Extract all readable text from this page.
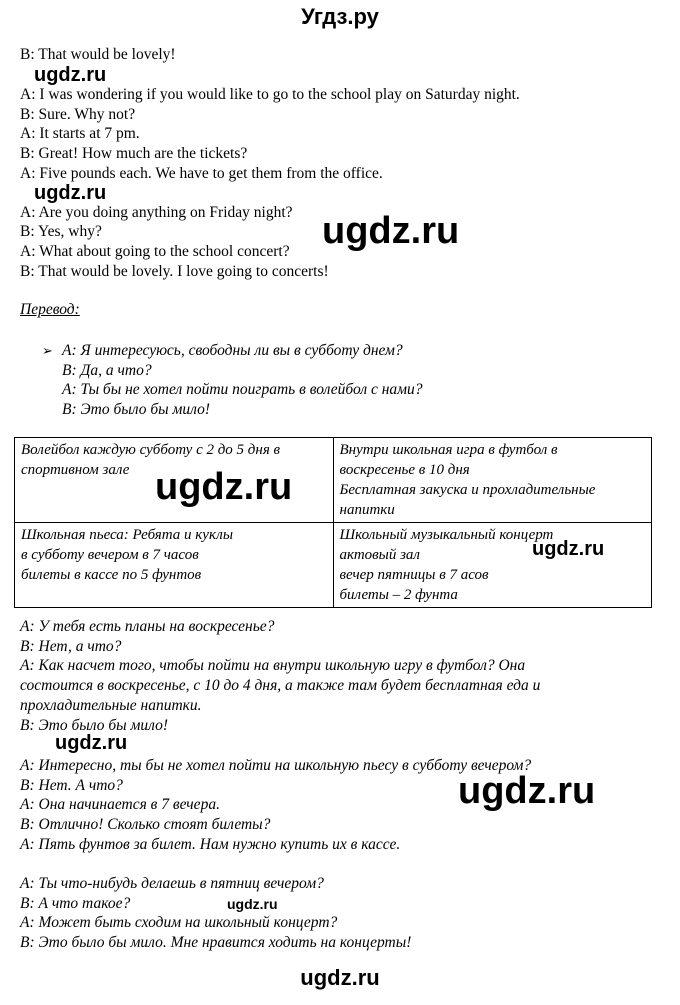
Угдз.ру
B: That would be lovely!
ugdz.ru
A: I was wondering if you would like to go to the school play on Saturday night.
B: Sure. Why not?
A: It starts at 7 pm.
B: Great! How much are the tickets?
A: Five pounds each. We have to get them from the office.
ugdz.ru
A: Are you doing anything on Friday night?
B: Yes, why?
A: What about going to the school concert?
B: That would be lovely. I love going to concerts!
ugdz.ru
Перевод:
➢ A: Я интересуюсь, свободны ли вы в субботу днем?
B: Да, а что?
A: Ты бы не хотел пойти поиграть в волейбол с нами?
B: Это было бы мило!
Волейбол каждую субботу с 2 до 5 дня в
спортивном зале	Внутри школьная игра в футбол в
воскресенье в 10 дня
Бесплатная закуска и прохладительные
напитки

Школьная пьеса: Ребята и куклы
в субботу вечером в 7 часов
билеты в кассе по 5 фунтов	Школьный музыкальный концерт
актовый зал
вечер пятницы в 7 асов
билеты – 2 фунта
ugdz.ru
ugdz.ru
A: У тебя есть планы на воскресенье?
B: Нет, а что?
A: Как насчет того, чтобы пойти на внутри школьную игру в футбол? Она
состоится в воскресенье, с 10 до 4 дня, а также там будет бесплатная еда и
прохладительные напитки.
B: Это было бы мило!
ugdz.ru
A: Интересно, ты бы не хотел пойти на школьную пьесу в субботу вечером?
B: Нет. А что?
A: Она начинается в 7 вечера.
B: Отлично! Сколько стоят билеты?
A: Пять фунтов за билет. Нам нужно купить их в кассе.
ugdz.ru
A: Ты что-нибудь делаешь в пятниц вечером?
B: А что такое?	ugdz.ru
A: Может быть сходим на школьный концерт?
B: Это было бы мило. Мне нравится ходить на концерты!
ugdz.ru
